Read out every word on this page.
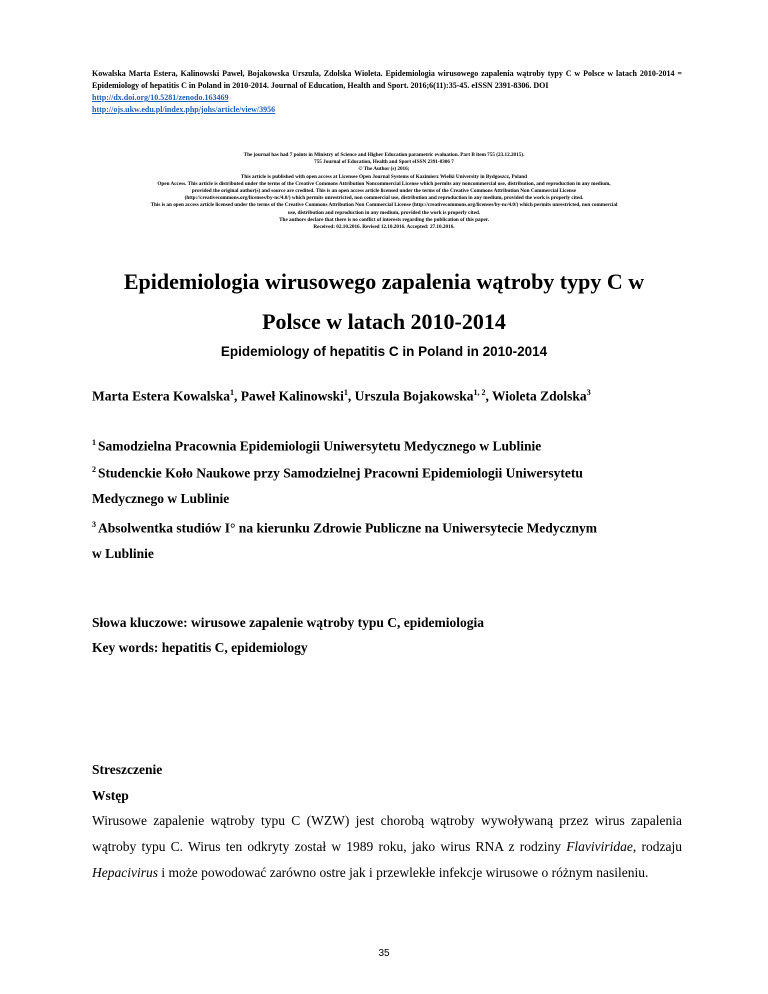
Kowalska Marta Estera, Kalinowski Paweł, Bojakowska Urszula, Zdolska Wioleta. Epidemiologia wirusowego zapalenia wątroby typy C w Polsce w latach 2010-2014 = Epidemiology of hepatitis C in Poland in 2010-2014. Journal of Education, Health and Sport. 2016;6(11):35-45. eISSN 2391-8306. DOI
http://dx.doi.org/10.5281/zenodo.163469
http://ojs.ukw.edu.pl/index.php/johs/article/view/3956
The journal has had 7 points in Ministry of Science and Higher Education parametric evaluation. Part B item 755 (23.12.2015).
755 Journal of Education, Health and Sport eISSN 2391-8306 7
© The Author (s) 2016;
This article is published with open access at Licensee Open Journal Systems of Kazimierz Wielki University in Bydgoszcz, Poland
Open Access. This article is distributed under the terms of the Creative Commons Attribution Noncommercial License which permits any noncommercial use, distribution, and reproduction in any medium,
provided the original author(s) and source are credited. This is an open access article licensed under the terms of the Creative Commons Attribution Non Commercial License
(http://creativecommons.org/licenses/by-nc/4.0/) which permits unrestricted, non commercial use, distribution and reproduction in any medium, provided the work is properly cited.
This is an open access article licensed under the terms of the Creative Commons Attribution Non Commercial License (http://creativecommons.org/licenses/by-nc/4.0/) which permits unrestricted, non commercial
use, distribution and reproduction in any medium, provided the work is properly cited.
The authors declare that there is no conflict of interests regarding the publication of this paper.
Received: 02.10.2016. Revised 12.10.2016. Accepted: 27.10.2016.
Epidemiologia wirusowego zapalenia wątroby typy C w
Polsce w latach 2010-2014
Epidemiology of hepatitis C in Poland in 2010-2014
Marta Estera Kowalska$^1$, Paweł Kalinowski$^1$, Urszula Bojakowska$^{1, 2}$, Wioleta Zdolska$^3$
$^1$ Samodzielna Pracownia Epidemiologii Uniwersytetu Medycznego w Lublinie
$^2$ Studenckie Koło Naukowe przy Samodzielnej Pracowni Epidemiologii Uniwersytetu
Medycznego w Lublinie
$^3$ Absolwentka studiów I° na kierunku Zdrowie Publiczne na Uniwersytecie Medycznym
w Lublinie
Słowa kluczowe: wirusowe zapalenie wątroby typu C, epidemiologia
Key words: hepatitis C, epidemiology
Streszczenie
Wstęp

Wirusowe zapalenie wątroby typu C (WZW) jest chorobą wątroby wywoływaną przez wirus zapalenia wątroby typu C. Wirus ten odkryty został w 1989 roku, jako wirus RNA z rodziny Flaviviridae, rodzaju Hepacivirus i może powodować zarówno ostre jak i przewlekłe infekcje wirusowe o różnym nasileniu.

35
